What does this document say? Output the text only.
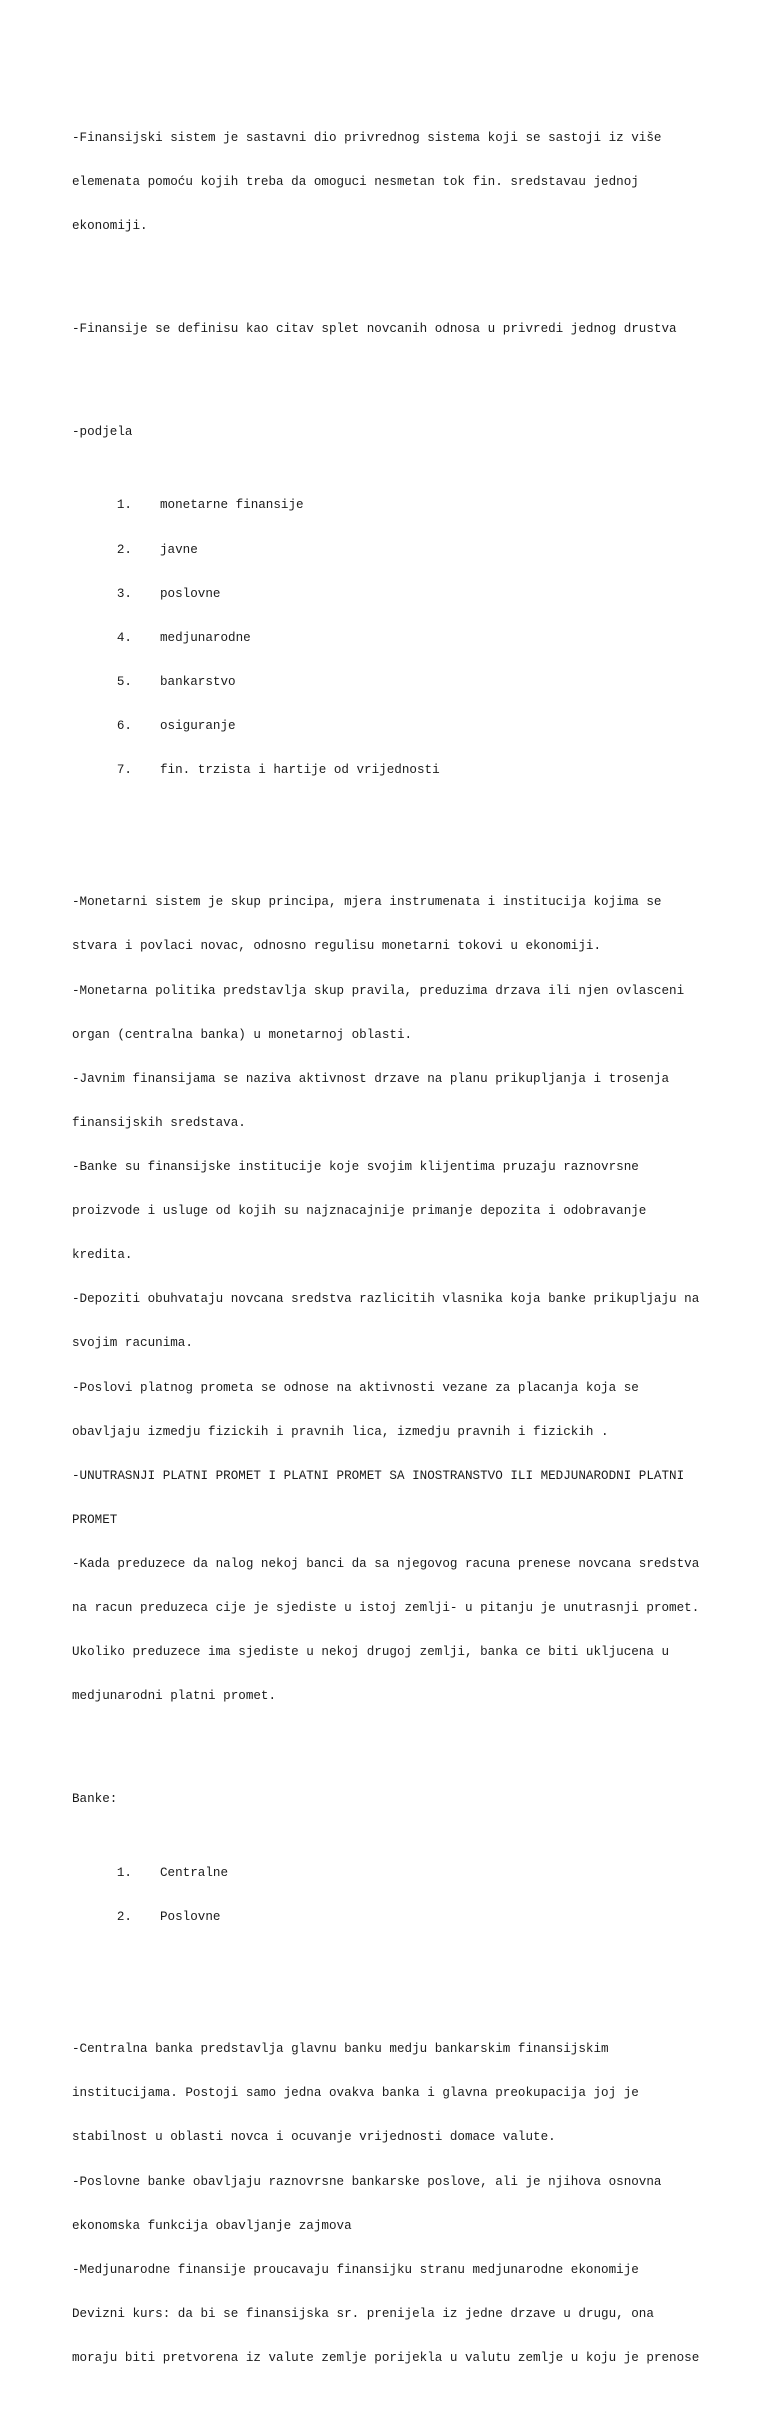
-Finansijski sistem je sastavni dio privrednog sistema koji se sastoji iz više

elemenata pomoću kojih treba da omoguci nesmetan tok fin. sredstavau jednoj

ekonomiji.

-Finansije se definisu kao citav splet novcanih odnosa u privredi jednog drustva

-podjela

1. monetarne finansije

2. javne

3. poslovne

4. medjunarodne

5. bankarstvo

6. osiguranje

7. fin. trzista i hartije od vrijednosti

-Monetarni sistem je skup principa, mjera instrumenata i institucija kojima se

stvara i povlaci novac, odnosno regulisu monetarni tokovi u ekonomiji.

-Monetarna politika predstavlja skup pravila, preduzima drzava ili njen ovlasceni

organ (centralna banka) u monetarnoj oblasti.

-Javnim finansijama se naziva aktivnost drzave na planu prikupljanja i trosenja

finansijskih sredstava.

-Banke su finansijske institucije koje svojim klijentima pruzaju raznovrsne

proizvode i usluge od kojih su najznacajnije primanje depozita i odobravanje

kredita.

-Depoziti obuhvataju novcana sredstva razlicitih vlasnika koja banke prikupljaju na

svojim racunima.

-Poslovi platnog prometa se odnose na aktivnosti vezane za placanja koja se

obavljaju izmedju fizickih i pravnih lica, izmedju pravnih i fizickih .

-UNUTRASNJI PLATNI PROMET I PLATNI PROMET SA INOSTRANSTVO ILI MEDJUNARODNI PLATNI

PROMET

-Kada preduzece da nalog nekoj banci da sa njegovog racuna prenese novcana sredstva

na racun preduzeca cije je sjediste u istoj zemlji- u pitanju je unutrasnji promet.

Ukoliko preduzece ima sjediste u nekoj drugoj zemlji, banka ce biti ukljucena u

medjunarodni platni promet.

Banke:

1. Centralne

2. Poslovne

-Centralna banka predstavlja glavnu banku medju bankarskim finansijskim

institucijama. Postoji samo jedna ovakva banka i glavna preokupacija joj je

stabilnost u oblasti novca i ocuvanje vrijednosti domace valute.

-Poslovne banke obavljaju raznovrsne bankarske poslove, ali je njihova osnovna

ekonomska funkcija obavljanje zajmova

-Medjunarodne finansije proucavaju finansijku stranu medjunarodne ekonomije

Devizni kurs: da bi se finansijska sr. prenijela iz jedne drzave u drugu, ona

moraju biti pretvorena iz valute zemlje porijekla u valutu zemlje u koju je prenose
